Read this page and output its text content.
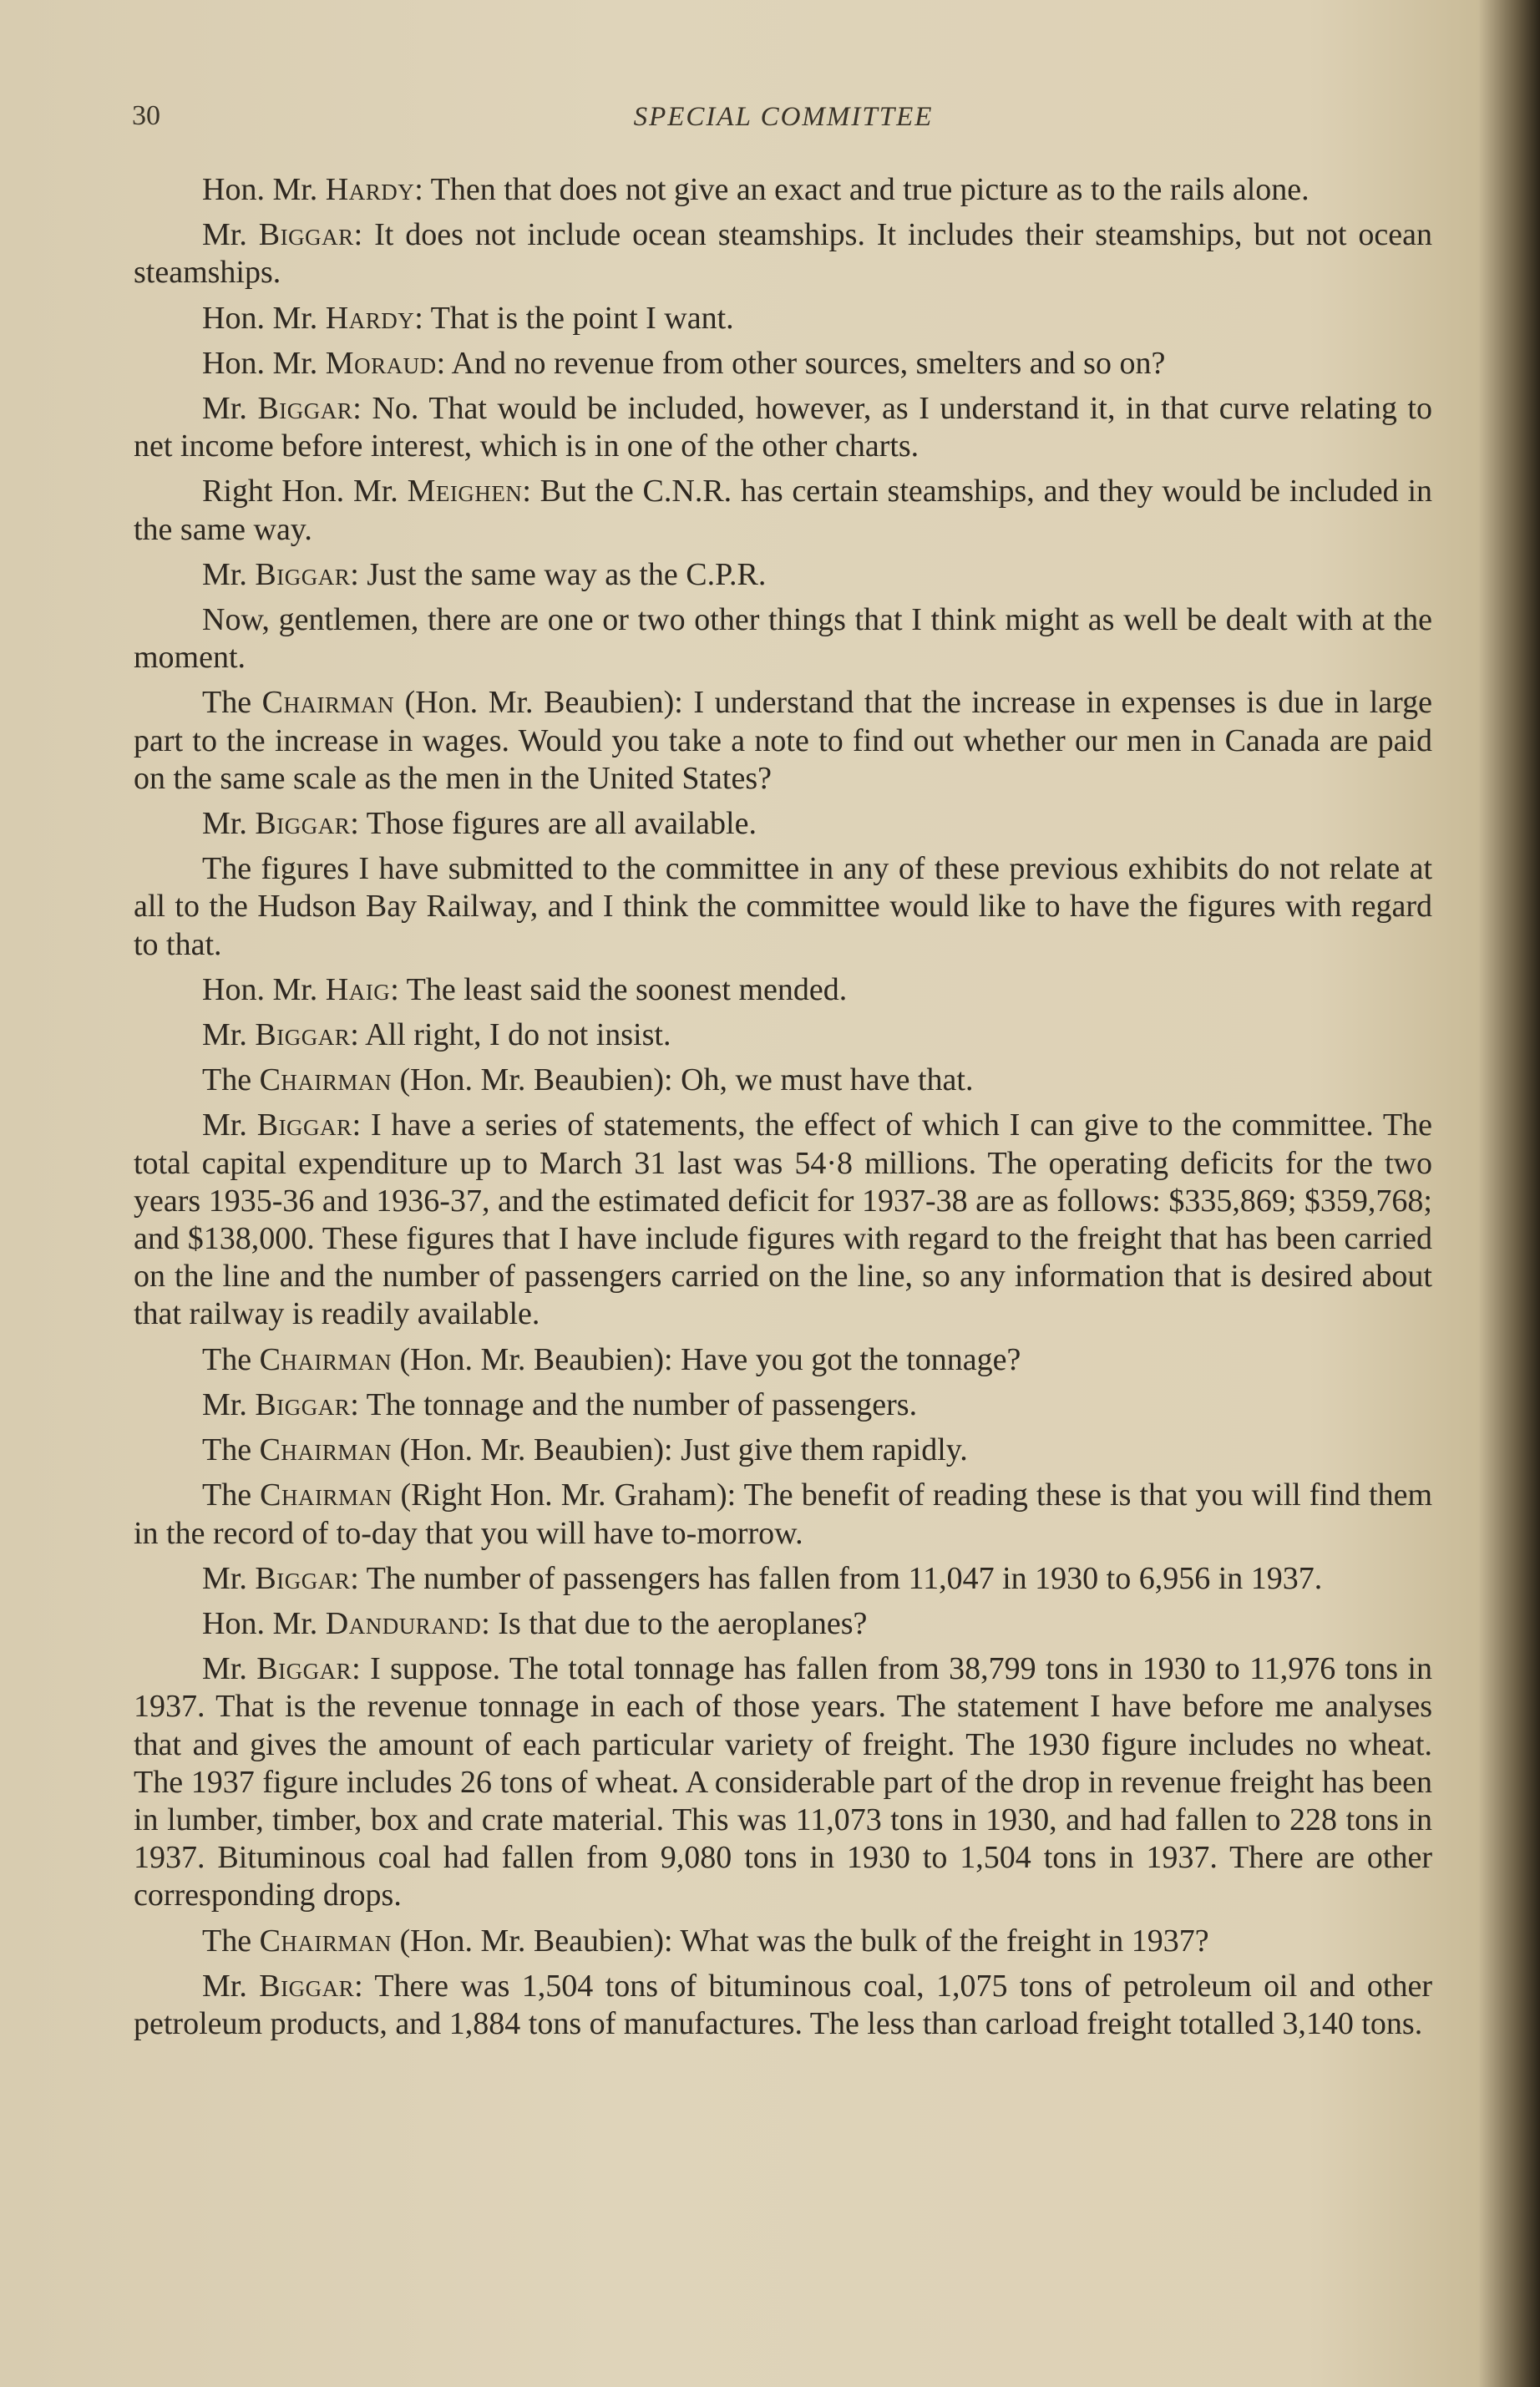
30	SPECIAL COMMITTEE

Hon. Mr. Hardy: Then that does not give an exact and true picture as to the rails alone.

Mr. Biggar: It does not include ocean steamships. It includes their steamships, but not ocean steamships.

Hon. Mr. Hardy: That is the point I want.

Hon. Mr. Moraud: And no revenue from other sources, smelters and so on?

Mr. Biggar: No. That would be included, however, as I understand it, in that curve relating to net income before interest, which is in one of the other charts.

Right Hon. Mr. Meighen: But the C.N.R. has certain steamships, and they would be included in the same way.

Mr. Biggar: Just the same way as the C.P.R.

Now, gentlemen, there are one or two other things that I think might as well be dealt with at the moment.

The Chairman (Hon. Mr. Beaubien): I understand that the increase in expenses is due in large part to the increase in wages. Would you take a note to find out whether our men in Canada are paid on the same scale as the men in the United States?

Mr. Biggar: Those figures are all available.

The figures I have submitted to the committee in any of these previous exhibits do not relate at all to the Hudson Bay Railway, and I think the committee would like to have the figures with regard to that.

Hon. Mr. Haig: The least said the soonest mended.

Mr. Biggar: All right, I do not insist.

The Chairman (Hon. Mr. Beaubien): Oh, we must have that.

Mr. Biggar: I have a series of statements, the effect of which I can give to the committee. The total capital expenditure up to March 31 last was 54·8 millions. The operating deficits for the two years 1935-36 and 1936-37, and the estimated deficit for 1937-38 are as follows: $335,869; $359,768; and $138,000. These figures that I have include figures with regard to the freight that has been carried on the line and the number of passengers carried on the line, so any information that is desired about that railway is readily available.

The Chairman (Hon. Mr. Beaubien): Have you got the tonnage?

Mr. Biggar: The tonnage and the number of passengers.

The Chairman (Hon. Mr. Beaubien): Just give them rapidly.

The Chairman (Right Hon. Mr. Graham): The benefit of reading these is that you will find them in the record of to-day that you will have to-morrow.

Mr. Biggar: The number of passengers has fallen from 11,047 in 1930 to 6,956 in 1937.

Hon. Mr. Dandurand: Is that due to the aeroplanes?

Mr. Biggar: I suppose. The total tonnage has fallen from 38,799 tons in 1930 to 11,976 tons in 1937. That is the revenue tonnage in each of those years. The statement I have before me analyses that and gives the amount of each particular variety of freight. The 1930 figure includes no wheat. The 1937 figure includes 26 tons of wheat. A considerable part of the drop in revenue freight has been in lumber, timber, box and crate material. This was 11,073 tons in 1930, and had fallen to 228 tons in 1937. Bituminous coal had fallen from 9,080 tons in 1930 to 1,504 tons in 1937. There are other corresponding drops.

The Chairman (Hon. Mr. Beaubien): What was the bulk of the freight in 1937?

Mr. Biggar: There was 1,504 tons of bituminous coal, 1,075 tons of petroleum oil and other petroleum products, and 1,884 tons of manufactures. The less than carload freight totalled 3,140 tons.
